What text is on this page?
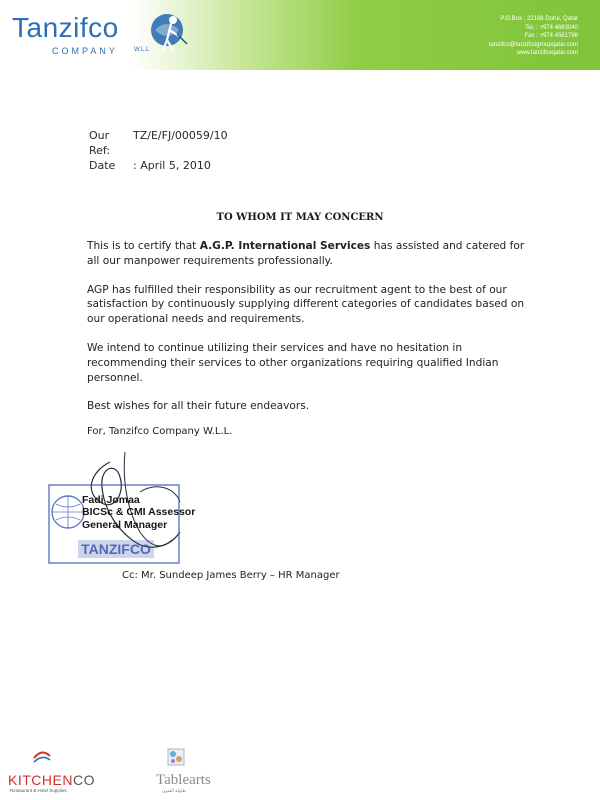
Tanzifco
COMPANY	W.L.L
P.O.Box : 22188 Doha, Qatar
Tel. : +974 4683040
Fax : +974 4581798
tanzifco@tanzifcogroupqatar.com
www.tanzifcoqatar.com
Our Ref:
TZ/E/FJ/00059/10
Date	: April 5, 2010
TO WHOM IT MAY CONCERN

This is to certify that A.G.P. International Services has assisted and catered for all our manpower requirements professionally.

AGP has fulfilled their responsibility as our recruitment agent to the best of our satisfaction by continuously supplying different categories of candidates based on our operational needs and requirements.

We intend to continue utilizing their services and have no hesitation in recommending their services to other organizations requiring qualified Indian personnel.

Best wishes for all their future endeavors.

For, Tanzifco Company W.L.L.
TANZIFCO
Fadi Jomaa
BICSc & CMI Assessor
General Manager
Cc: Mr. Sundeep James Berry – HR Manager
KITCHENCO
Restaurant & Hotel Supplies
Tablearts
طاولة الفنون
